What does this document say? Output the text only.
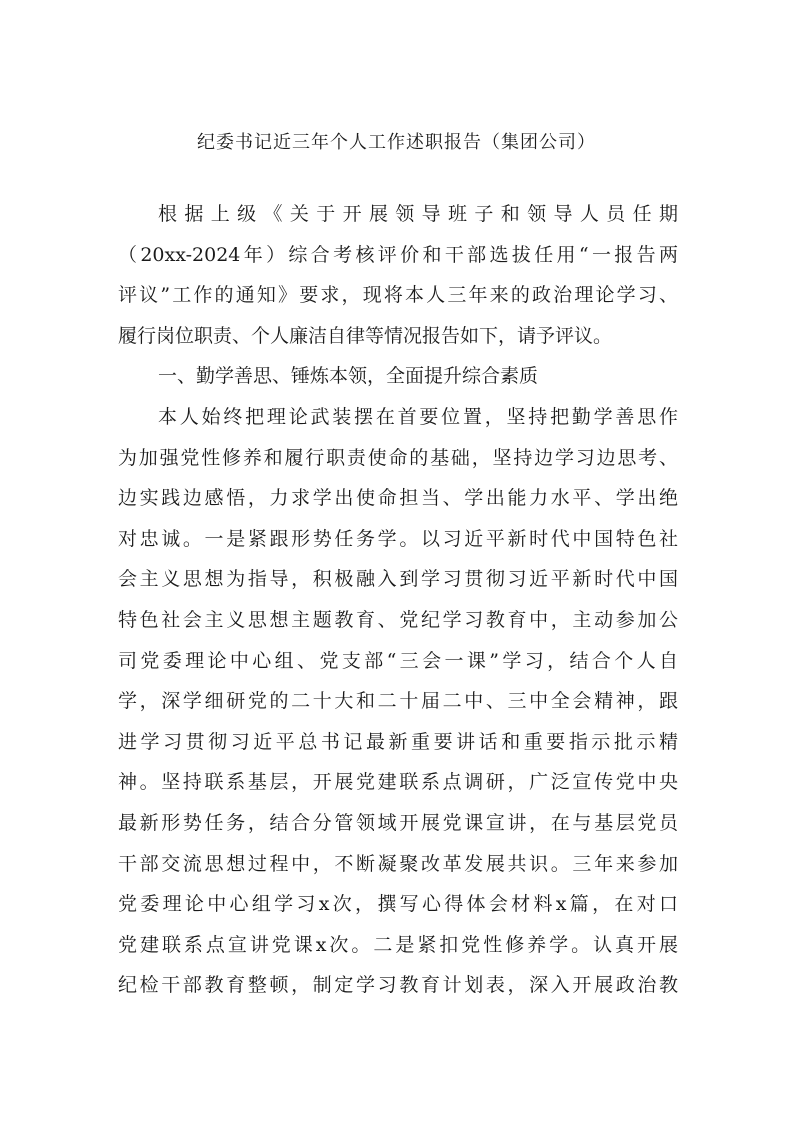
纪委书记近三年个人工作述职报告（集团公司）
根据上级《关于开展领导班子和领导人员任期
（20xx-2024年）综合考核评价和干部选拔任用“一报告两
评议”工作的通知》要求，现将本人三年来的政治理论学习、
履行岗位职责、个人廉洁自律等情况报告如下，请予评议。
一、勤学善思、锤炼本领，全面提升综合素质
本人始终把理论武装摆在首要位置，坚持把勤学善思作
为加强党性修养和履行职责使命的基础，坚持边学习边思考、
边实践边感悟，力求学出使命担当、学出能力水平、学出绝
对忠诚。一是紧跟形势任务学。以习近平新时代中国特色社
会主义思想为指导，积极融入到学习贯彻习近平新时代中国
特色社会主义思想主题教育、党纪学习教育中，主动参加公
司党委理论中心组、党支部“三会一课”学习，结合个人自
学，深学细研党的二十大和二十届二中、三中全会精神，跟
进学习贯彻习近平总书记最新重要讲话和重要指示批示精
神。坚持联系基层，开展党建联系点调研，广泛宣传党中央
最新形势任务，结合分管领域开展党课宣讲，在与基层党员
干部交流思想过程中，不断凝聚改革发展共识。三年来参加
党委理论中心组学习x次，撰写心得体会材料x篇，在对口
党建联系点宣讲党课x次。二是紧扣党性修养学。认真开展
纪检干部教育整顿，制定学习教育计划表，深入开展政治教
